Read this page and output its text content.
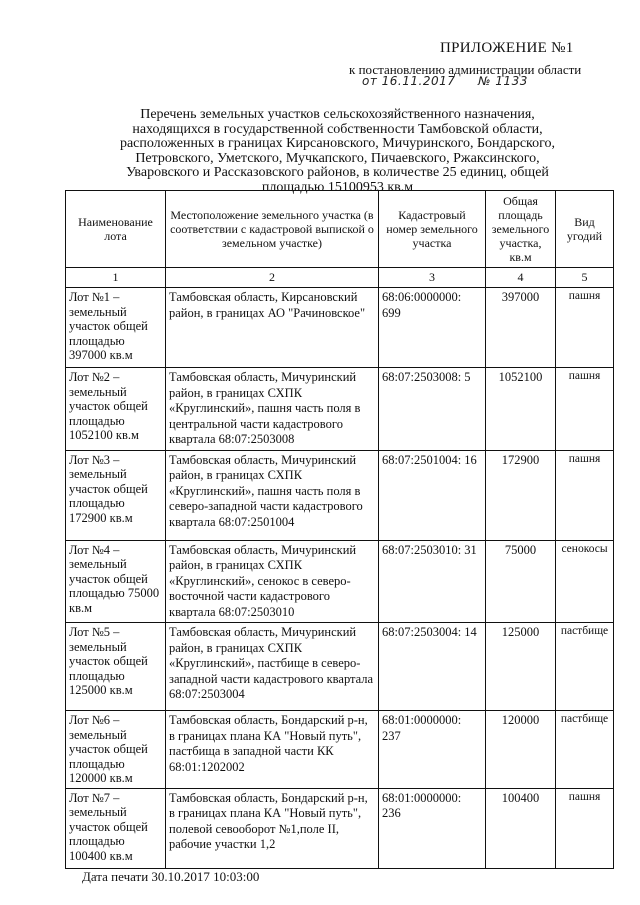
ПРИЛОЖЕНИЕ №1
к постановлению администрации области
от 16.11.2017 № 1133
Перечень земельных участков сельскохозяйственного назначения, находящихся в государственной собственности Тамбовской области, расположенных в границах Кирсановского, Мичуринского, Бондарского, Петровского, Уметского, Мучкапского, Пичаевского, Ржаксинского, Уваровского и Рассказовского районов, в количестве 25 единиц, общей площадью 15100953 кв.м
Наименование лота	Местоположение земельного участка (в соответствии с кадастровой выпиской о земельном участке)	Кадастровый номер земельного участка	Общая площадь земельного участка, кв.м	Вид угодий
1	2	3	4	5
Лот №1 – земельный участок общей площадью 397000 кв.м	Тамбовская область, Кирсановский район, в границах АО "Рачиновское"	68:06:0000000: 699	397000	пашня
Лот №2 – земельный участок общей площадью 1052100 кв.м	Тамбовская область, Мичуринский район, в границах СХПК «Круглинский», пашня часть поля в центральной части кадастрового квартала 68:07:2503008	68:07:2503008: 5	1052100	пашня
Лот №3 – земельный участок общей площадью 172900 кв.м	Тамбовская область, Мичуринский район, в границах СХПК «Круглинский», пашня часть поля в северо-западной части кадастрового квартала 68:07:2501004	68:07:2501004: 16	172900	пашня
Лот №4 – земельный участок общей площадью 75000 кв.м	Тамбовская область, Мичуринский район, в границах СХПК «Круглинский», сенокос в северо-восточной части кадастрового квартала 68:07:2503010	68:07:2503010: 31	75000	сенокосы
Лот №5 – земельный участок общей площадью 125000 кв.м	Тамбовская область, Мичуринский район, в границах СХПК «Круглинский», пастбище в северо-западной части кадастрового квартала 68:07:2503004	68:07:2503004: 14	125000	пастбище
Лот №6 – земельный участок общей площадью 120000 кв.м	Тамбовская область, Бондарский р-н, в границах плана КА "Новый путь", пастбища в западной части КК 68:01:1202002	68:01:0000000: 237	120000	пастбище
Лот №7 – земельный участок общей площадью 100400 кв.м	Тамбовская область, Бондарский р-н, в границах плана КА "Новый путь", полевой севооборот №1,поле II, рабочие участки 1,2	68:01:0000000: 236	100400	пашня
Дата печати 30.10.2017 10:03:00
